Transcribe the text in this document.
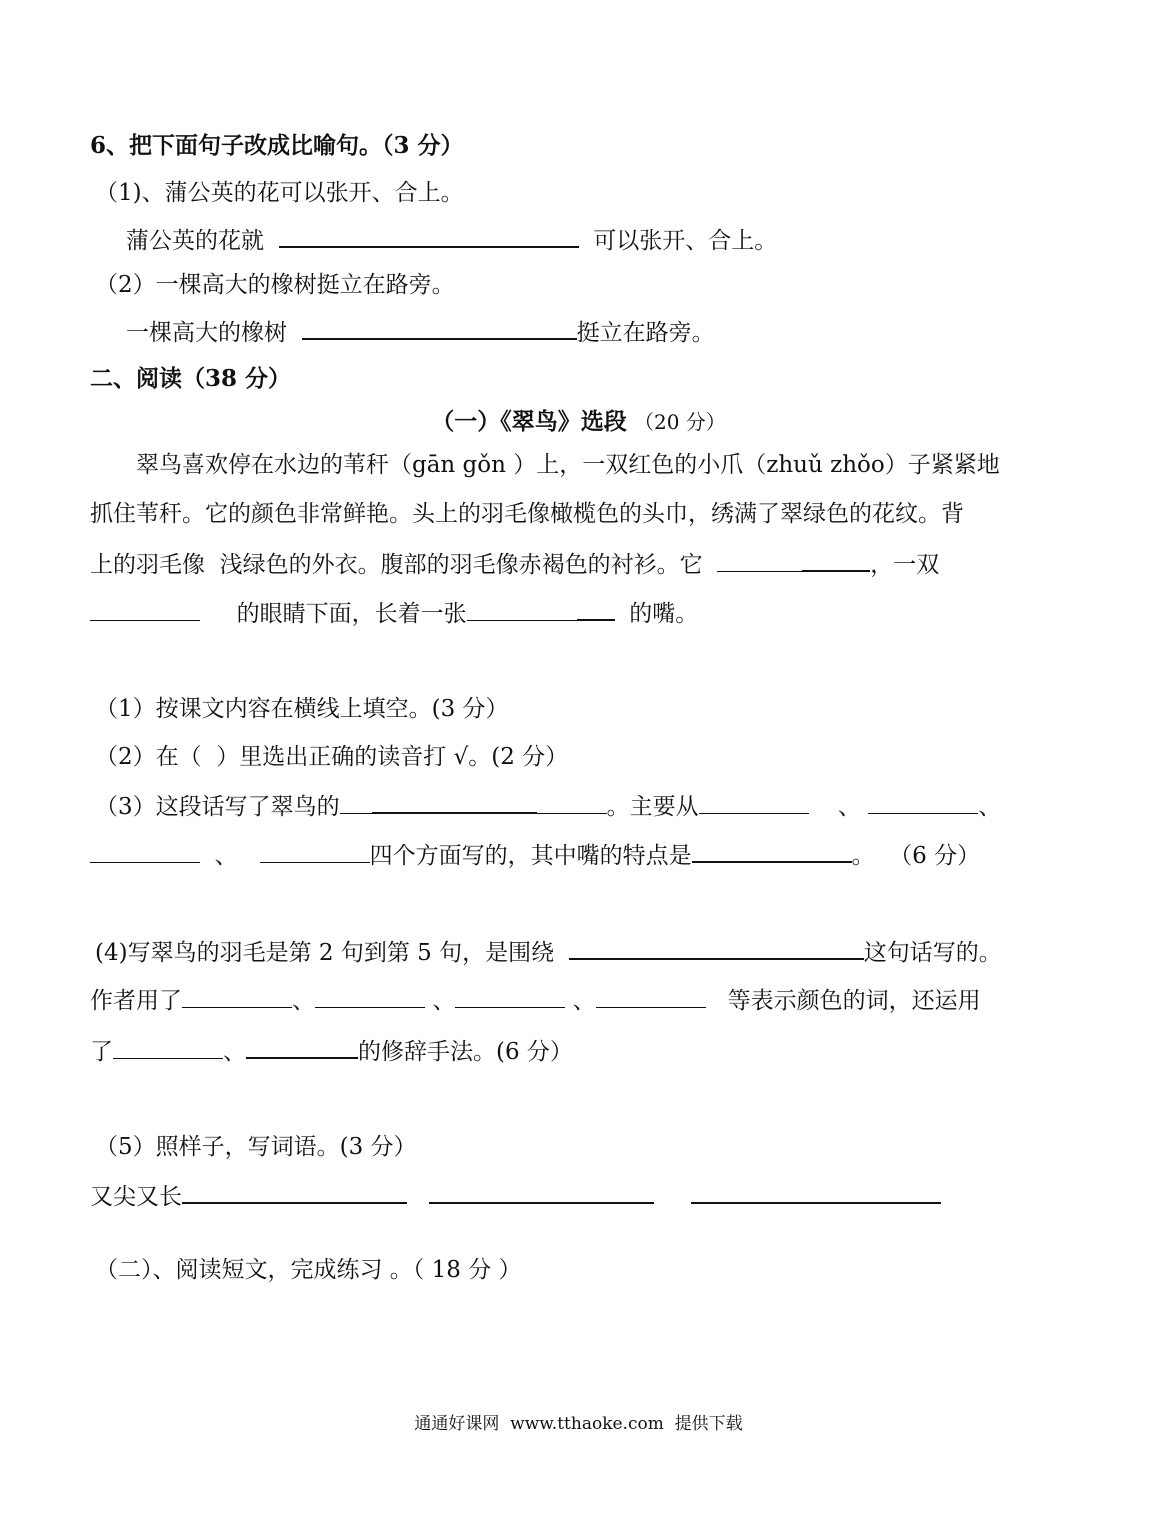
6、把下面句子改成比喻句。（3 分）
（1)、蒲公英的花可以张开、合上。
蒲公英的花就	可以张开、合上。
（2）一棵高大的橡树挺立在路旁。
一棵高大的橡树	挺立在路旁。
二、阅读（38 分）
（一）《翠鸟》选段 （20 分）
翠鸟喜欢停在水边的苇秆（gān gǒn ）上，一双红色的小爪（zhuǔ zhǒo）子紧紧地
抓住苇秆。它的颜色非常鲜艳。头上的羽毛像橄榄色的头巾，绣满了翠绿色的花纹。背
上的羽毛像  浅绿色的外衣。腹部的羽毛像赤褐色的衬衫。它	，一双
的眼睛下面，长着一张	的嘴。
（1）按课文内容在横线上填空。(3 分）
（2）在（  ）里选出正确的读音打 √。(2 分）
（3）这段话写了翠鸟的	。主要从	、	、
、	四个方面写的，其中嘴的特点是	。  （6 分）
(4)写翠鸟的羽毛是第 2 句到第 5 句，是围绕	这句话写的。
作者用了	、	、	、	等表示颜色的词，还运用
了	、	的修辞手法。(6 分）
（5）照样子，写词语。(3 分）
又尖又长
（二）、阅读短文，完成练习 。（ 18 分 ）
通通好课网  www.tthaoke.com  提供下载
